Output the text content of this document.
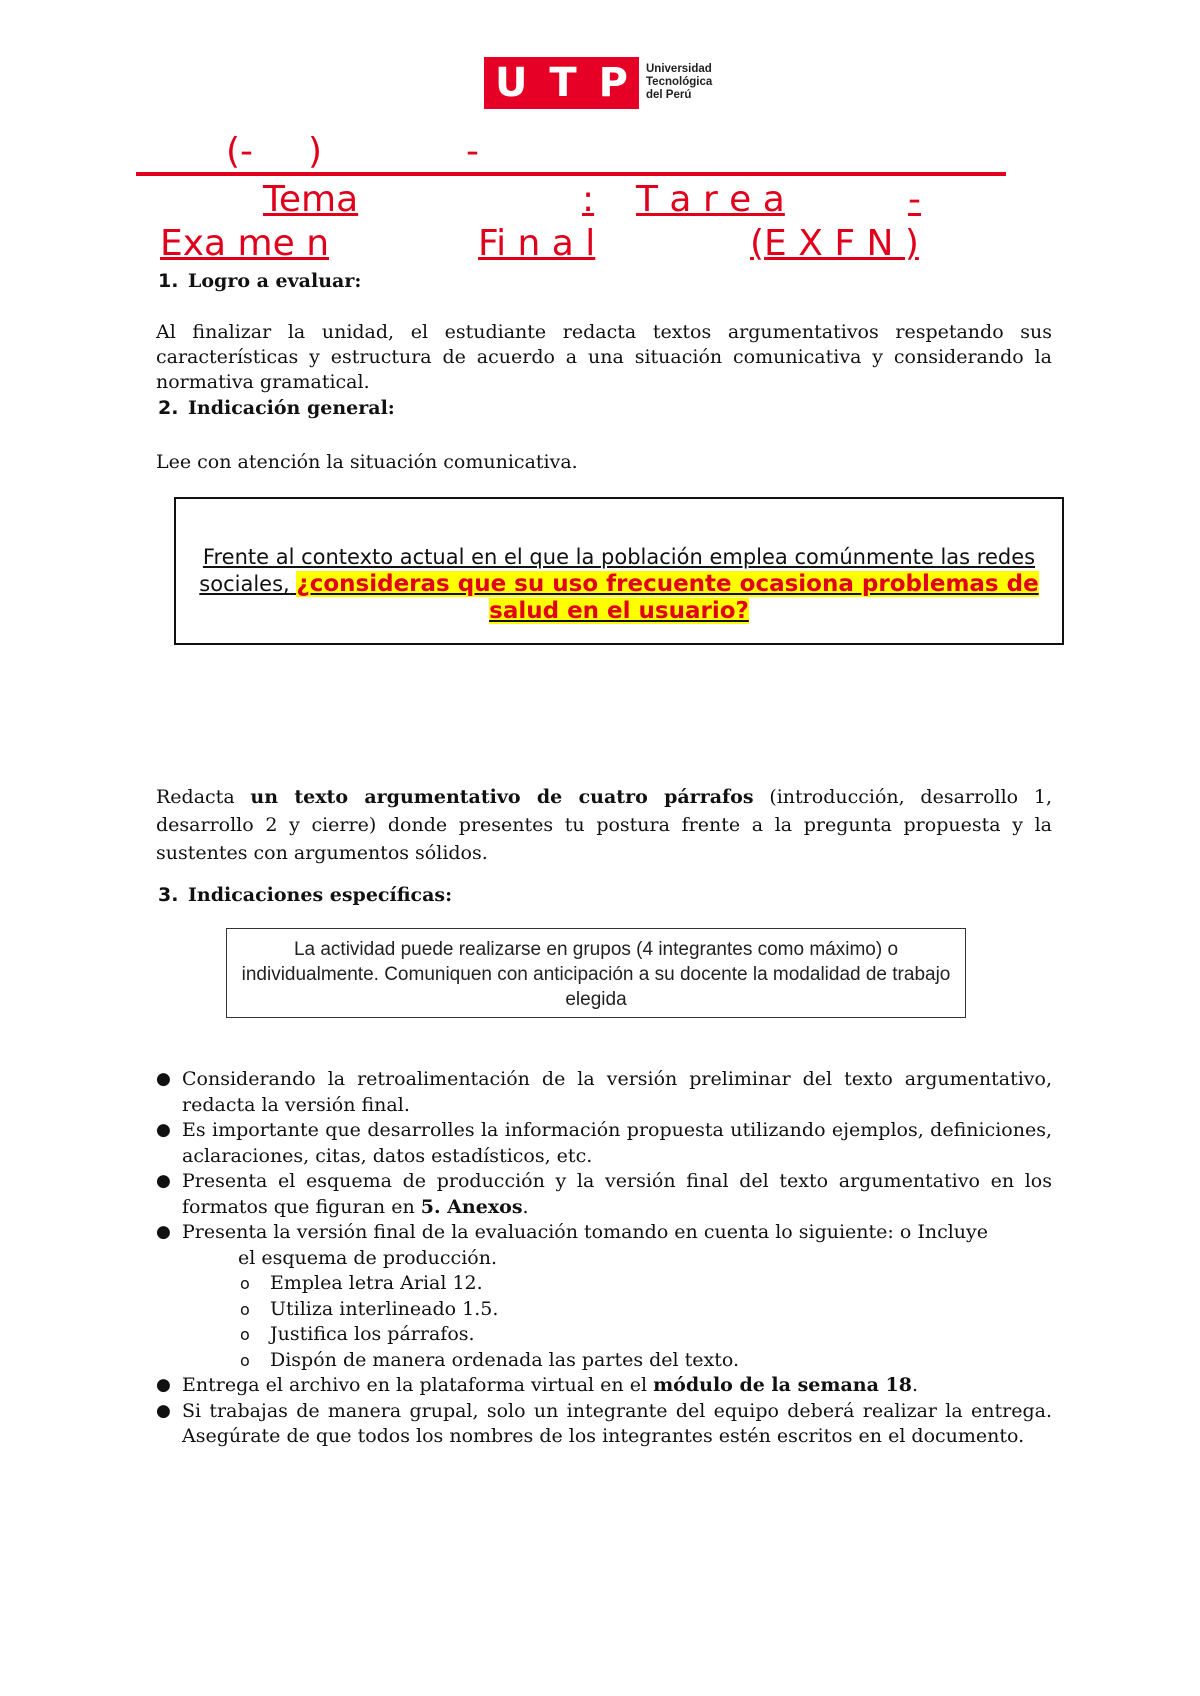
U T P Universidad
Tecnológica
del Perú
(- )	-
Tema	: T a r e a	-
Exa me n	Fi n a l	(E X F N )
1. Logro a evaluar:
Al finalizar la unidad, el estudiante redacta textos argumentativos respetando sus características y estructura de acuerdo a una situación comunicativa y considerando la normativa gramatical.
2. Indicación general:
Lee con atención la situación comunicativa.
Frente al contexto actual en el que la población emplea comúnmente las redes sociales, ¿consideras que su uso frecuente ocasiona problemas de salud en el usuario?
Redacta un texto argumentativo de cuatro párrafos (introducción, desarrollo 1, desarrollo 2 y cierre) donde presentes tu postura frente a la pregunta propuesta y la sustentes con argumentos sólidos.
3. Indicaciones específicas:
La actividad puede realizarse en grupos (4 integrantes como máximo) o individualmente. Comuniquen con anticipación a su docente la modalidad de trabajo elegida
● Considerando la retroalimentación de la versión preliminar del texto argumentativo, redacta la versión final.
● Es importante que desarrolles la información propuesta utilizando ejemplos, definiciones, aclaraciones, citas, datos estadísticos, etc.
● Presenta el esquema de producción y la versión final del texto argumentativo en los formatos que figuran en 5. Anexos.
● Presenta la versión final de la evaluación tomando en cuenta lo siguiente: o Incluye
el esquema de producción.
o	Emplea letra Arial 12.
o	Utiliza interlineado 1.5.
o	Justifica los párrafos.
o	Dispón de manera ordenada las partes del texto.
● Entrega el archivo en la plataforma virtual en el módulo de la semana 18.
● Si trabajas de manera grupal, solo un integrante del equipo deberá realizar la entrega. Asegúrate de que todos los nombres de los integrantes estén escritos en el documento.
